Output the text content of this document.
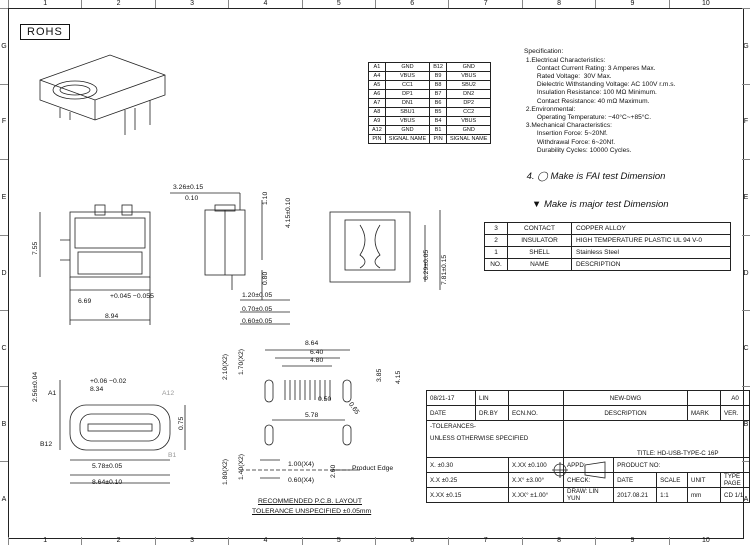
1	2	3	4	5	6	7	8	9	10
1	2	3	4	5	6	7	8	9	10
G
F
E
D
C
B
A
G
F
E
D
C
B
A
ROHS
A1	GND	B12	GND
A4	VBUS	B9	VBUS
A5	CC1	B8	SBU2
A6	DP1	B7	DN2
A7	DN1	B6	DP2
A8	SBU1	B5	CC2
A9	VBUS	B4	VBUS
A12	GND	B1	GND
PIN	SIGNAL NAME	PIN	SIGNAL NAME

Specification:
1.Electrical Characteristics:
Contact Current Rating: 3 Amperes Max.
Rated Voltage:  30V Max.
Dielectric Withstanding Voltage: AC 100V r.m.s.
Insulation Resistance: 100 MΩ Minimum.
Contact Resistance: 40 mΩ Maximum.
2.Environmental:
Operating Temperature: −40°C~+85°C.
3.Mechanical Characteristics:
Insertion Force: 5~20Nf.
Withdrawal Force: 6~20Nf.
Durability Cycles: 10000 Cycles.

4. ◯ Make is FAI test Dimension

▼ Make is major test Dimension

3	CONTACT	COPPER ALLOY
2	INSULATOR	HIGH TEMPERATURE PLASTIC UL 94 V-0
1	SHELL	Stainless Steel
NO.	NAME	DESCRIPTION
3.26±0.15
0.10	1.10 4.15±0.10
7.55
0.80	6.29±0.05 7.81±0.15
+0.045 −0.055
6.69
8.94
1.20±0.05
0.70±0.05
0.60±0.05
2.56±0.04	+0.06 −0.02
8.34
A1	A12
B12
B1
0.75
5.78±0.05
8.64±0.10
8.64
6.40
4.80
0.50
5.78
3.85 4.15
0.65
2.10(X2) 1.70(X2)
1.80(X2) 1.40(X2)	1.00(X4)
0.60(X4)
2.60 Product Edge
RECOMMENDED P.C.B. LAYOUT
TOLERANCE UNSPECIFIED ±0.05mm
08/21-17	LIN		NEW-DWG				A0
DATE	DR.BY	ECN.NO.	DESCRIPTION			MARK	VER.

-TOLERANCES-
UNLESS OTHERWISE SPECIFIED			TITLE: HD-USB-TYPE-C 16P				

X. ±0.30		X.XX ±0.100	APPD:	PRODUCT NO:			
X.X ±0.25		X.X° ±3.00°	CHECK:	DATE	SCALE	UNIT	TYPE PAGE
X.XX ±0.15		X.XX° ±1.00°	DRAW: LIN YUN	2017.08.21	1:1	mm	CD 1/1
